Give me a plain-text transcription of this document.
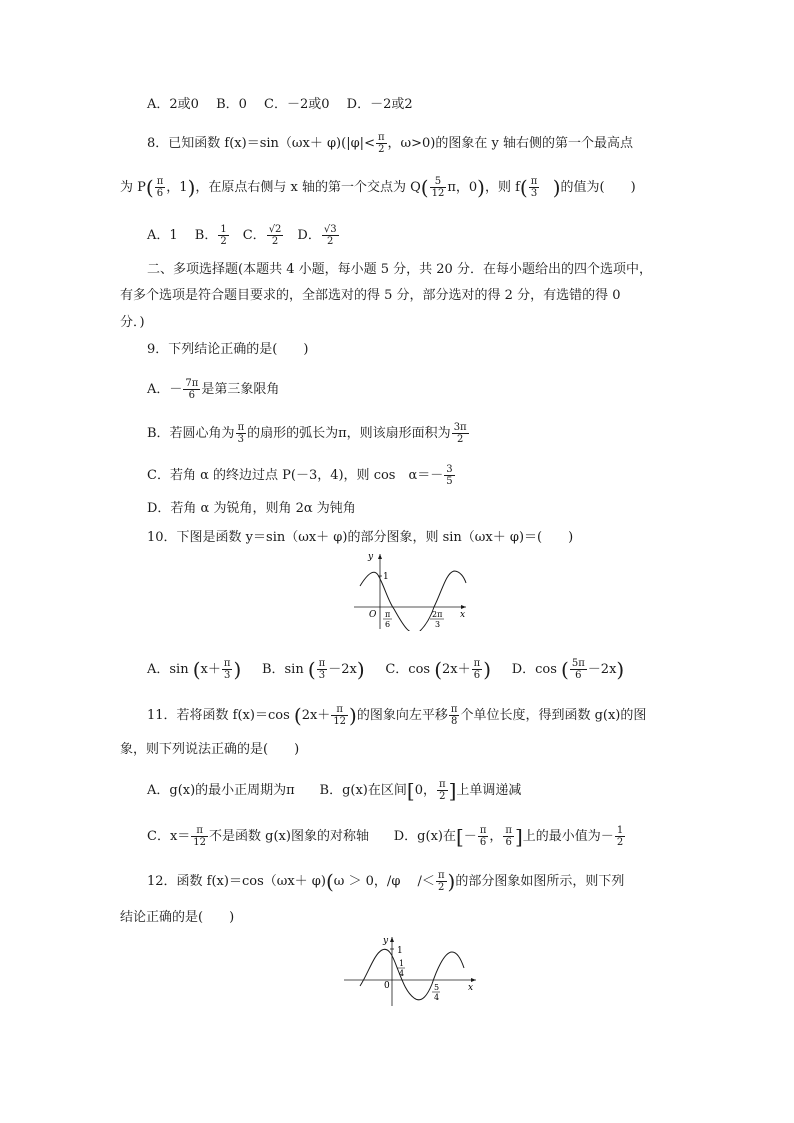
A．2或0　 B．0　 C．－2或0　 D．－2或2
8．已知函数 $f(x)=\sin(\omega x+ \varphi)(|\varphi|< \frac{\pi}{2}$ ，ω>0)的图象在 y 轴右侧的第一个最高点
为 $P( \frac{\pi}{6}$ ，1)，在原点右侧与 x 轴的第一个交点为 $Q( \frac{5}{12}$ π，0)，则 $f( \frac{\pi}{3}$ )的值为(　　)
A．1　 B． $\frac{1}{2}$ 　C． $\frac{√2}{2}$ 　D． $\frac{√3}{2}$
二、多项选择题(本题共 4 小题，每小题 5 分，共 20 分．在每小题给出的四个选项中，
有多个选项是符合题目要求的，全部选对的得 5 分，部分选对的得 2 分，有选错的得 0
分．)
9．下列结论正确的是(　　)
A．－ $\frac{7\pi}{6}$ 是第三象限角
B．若圆心角为 $\frac{\pi}{3}$ 的扇形的弧长为π，则该扇形面积为 $\frac{3\pi}{2}$
C．若角 α 的终边过点 P(－3，4)，则 cos　$\alpha=- \frac{3}{5}$
D．若角 α 为锐角，则角 2α 为钝角
10．下图是函数 y＝sin（ωx＋ φ)的部分图象，则 sin（ωx＋ φ)＝(　　)
y
x
O
1
π
6
2π
3
A．$\sin (x+ \frac{\pi}{3}$ ) B．sin ( $\frac{\pi}{3} -2x$) C．$\cos (2x+ \frac{\pi}{6}$ ) D．cos ( $\frac{5\pi}{6} -2x$)
11．若将函数 f(x)＝cos ($2x+ \frac{\pi}{12}$ )的图象向左平移 $\frac{\pi}{8}$ 个单位长度，得到函数 g(x)的图
象，则下列说法正确的是(　　)
A．g(x)的最小正周期为π B．g(x)在区间[0， $\frac{\pi}{2}$ ]上单调递减
C．$x= \frac{\pi}{12}$ 不是函数 g(x)图象的对称轴 D．g(x)在[－ $\frac{\pi}{6}$ ， $\frac{\pi}{6}$ ]上的最小值为－ $\frac{1}{2}$
12．函数 f(x)＝cos（ωx＋ φ)(ω ＞ 0，/φ　 /＜ $\frac{\pi}{2}$ )的部分图象如图所示，则下列
结论正确的是(　　)
y
x
0
1
1
4
5
4
